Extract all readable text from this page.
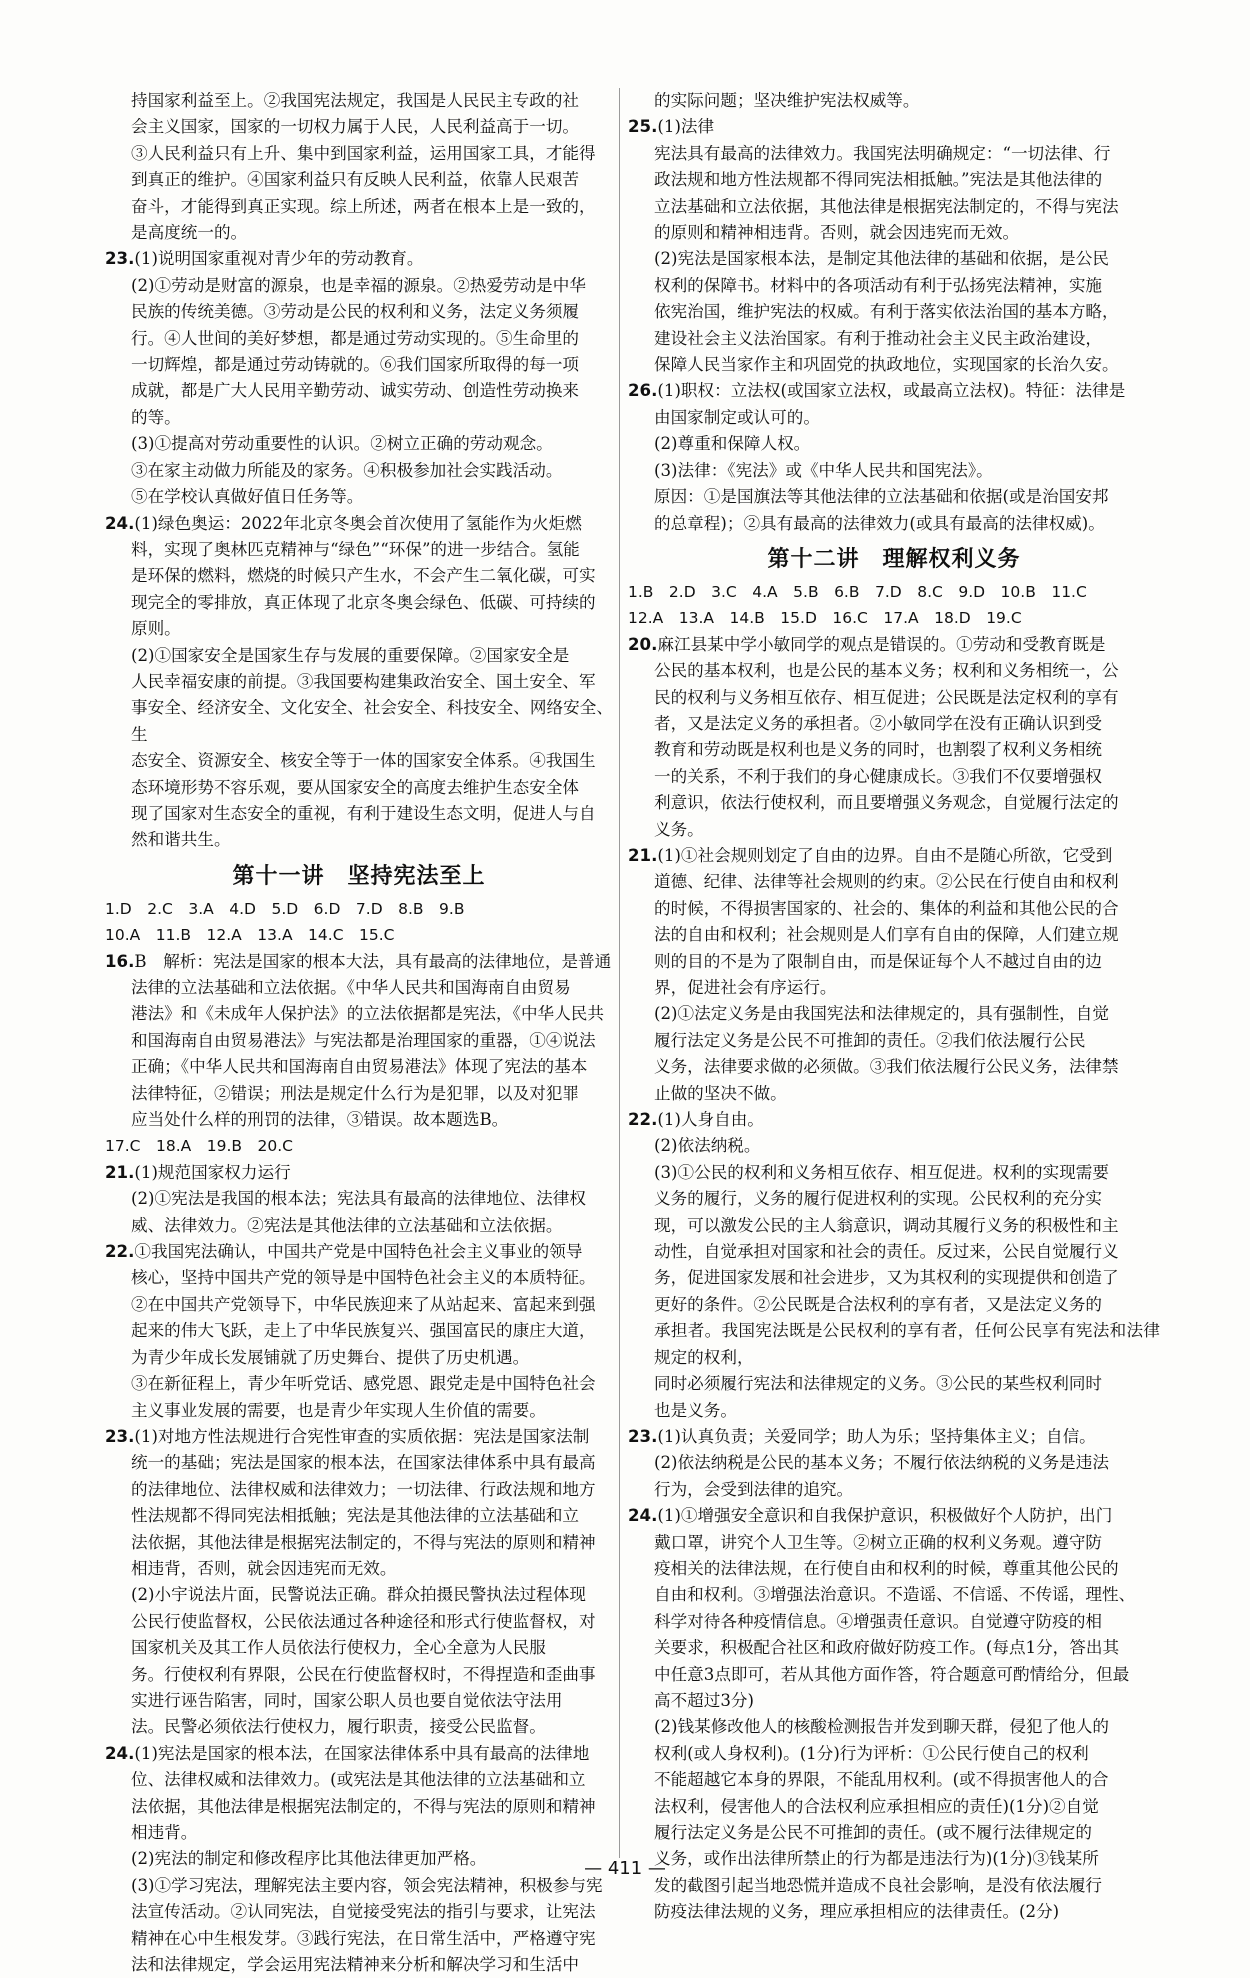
持国家利益至上。②我国宪法规定，我国是人民民主专政的社
会主义国家，国家的一切权力属于人民，人民利益高于一切。
③人民利益只有上升、集中到国家利益，运用国家工具，才能得
到真正的维护。④国家利益只有反映人民利益，依靠人民艰苦
奋斗，才能得到真正实现。综上所述，两者在根本上是一致的，
是高度统一的。
23.(1)说明国家重视对青少年的劳动教育。
(2)①劳动是财富的源泉，也是幸福的源泉。②热爱劳动是中华
民族的传统美德。③劳动是公民的权利和义务，法定义务须履
行。④人世间的美好梦想，都是通过劳动实现的。⑤生命里的
一切辉煌，都是通过劳动铸就的。⑥我们国家所取得的每一项
成就，都是广大人民用辛勤劳动、诚实劳动、创造性劳动换来
的等。
(3)①提高对劳动重要性的认识。②树立正确的劳动观念。
③在家主动做力所能及的家务。④积极参加社会实践活动。
⑤在学校认真做好值日任务等。
24.(1)绿色奥运：2022年北京冬奥会首次使用了氢能作为火炬燃
料，实现了奥林匹克精神与“绿色”“环保”的进一步结合。氢能
是环保的燃料，燃烧的时候只产生水，不会产生二氧化碳，可实
现完全的零排放，真正体现了北京冬奥会绿色、低碳、可持续的
原则。
(2)①国家安全是国家生存与发展的重要保障。②国家安全是
人民幸福安康的前提。③我国要构建集政治安全、国土安全、军
事安全、经济安全、文化安全、社会安全、科技安全、网络安全、生
态安全、资源安全、核安全等于一体的国家安全体系。④我国生
态环境形势不容乐观，要从国家安全的高度去维护生态安全体
现了国家对生态安全的重视，有利于建设生态文明，促进人与自
然和谐共生。
第十一讲　坚持宪法至上
1.D　2.C　3.A　4.D　5.D　6.D　7.D　8.B　9.B
10.A　11.B　12.A　13.A　14.C　15.C
16.B　解析：宪法是国家的根本大法，具有最高的法律地位，是普通
法律的立法基础和立法依据。《中华人民共和国海南自由贸易
港法》和《未成年人保护法》的立法依据都是宪法，《中华人民共
和国海南自由贸易港法》与宪法都是治理国家的重器，①④说法
正确；《中华人民共和国海南自由贸易港法》体现了宪法的基本
法律特征，②错误；刑法是规定什么行为是犯罪，以及对犯罪
应当处什么样的刑罚的法律，③错误。故本题选B。
17.C　18.A　19.B　20.C
21.(1)规范国家权力运行
(2)①宪法是我国的根本法；宪法具有最高的法律地位、法律权
威、法律效力。②宪法是其他法律的立法基础和立法依据。
22.①我国宪法确认，中国共产党是中国特色社会主义事业的领导
核心，坚持中国共产党的领导是中国特色社会主义的本质特征。
②在中国共产党领导下，中华民族迎来了从站起来、富起来到强
起来的伟大飞跃，走上了中华民族复兴、强国富民的康庄大道，
为青少年成长发展铺就了历史舞台、提供了历史机遇。
③在新征程上，青少年听党话、感党恩、跟党走是中国特色社会
主义事业发展的需要，也是青少年实现人生价值的需要。
23.(1)对地方性法规进行合宪性审查的实质依据：宪法是国家法制
统一的基础；宪法是国家的根本法，在国家法律体系中具有最高
的法律地位、法律权威和法律效力；一切法律、行政法规和地方
性法规都不得同宪法相抵触；宪法是其他法律的立法基础和立
法依据，其他法律是根据宪法制定的，不得与宪法的原则和精神
相违背，否则，就会因违宪而无效。
(2)小宇说法片面，民警说法正确。群众拍摄民警执法过程体现
公民行使监督权，公民依法通过各种途径和形式行使监督权，对
国家机关及其工作人员依法行使权力，全心全意为人民服
务。行使权利有界限，公民在行使监督权时，不得捏造和歪曲事
实进行诬告陷害，同时，国家公职人员也要自觉依法守法用
法。民警必须依法行使权力，履行职责，接受公民监督。
24.(1)宪法是国家的根本法，在国家法律体系中具有最高的法律地
位、法律权威和法律效力。(或宪法是其他法律的立法基础和立
法依据，其他法律是根据宪法制定的，不得与宪法的原则和精神
相违背。
(2)宪法的制定和修改程序比其他法律更加严格。
(3)①学习宪法，理解宪法主要内容，领会宪法精神，积极参与宪
法宣传活动。②认同宪法，自觉接受宪法的指引与要求，让宪法
精神在心中生根发芽。③践行宪法，在日常生活中，严格遵守宪
法和法律规定，学会运用宪法精神来分析和解决学习和生活中
的实际问题；坚决维护宪法权威等。
25.(1)法律
宪法具有最高的法律效力。我国宪法明确规定：“一切法律、行
政法规和地方性法规都不得同宪法相抵触。”宪法是其他法律的
立法基础和立法依据，其他法律是根据宪法制定的，不得与宪法
的原则和精神相违背。否则，就会因违宪而无效。
(2)宪法是国家根本法，是制定其他法律的基础和依据，是公民
权利的保障书。材料中的各项活动有利于弘扬宪法精神，实施
依宪治国，维护宪法的权威。有利于落实依法治国的基本方略，
建设社会主义法治国家。有利于推动社会主义民主政治建设，
保障人民当家作主和巩固党的执政地位，实现国家的长治久安。
26.(1)职权：立法权(或国家立法权，或最高立法权)。特征：法律是
由国家制定或认可的。
(2)尊重和保障人权。
(3)法律：《宪法》或《中华人民共和国宪法》。
原因：①是国旗法等其他法律的立法基础和依据(或是治国安邦
的总章程)；②具有最高的法律效力(或具有最高的法律权威)。
第十二讲　理解权利义务
1.B　2.D　3.C　4.A　5.B　6.B　7.D　8.C　9.D　10.B　11.C
12.A　13.A　14.B　15.D　16.C　17.A　18.D　19.C
20.麻江县某中学小敏同学的观点是错误的。①劳动和受教育既是
公民的基本权利，也是公民的基本义务；权利和义务相统一，公
民的权利与义务相互依存、相互促进；公民既是法定权利的享有
者，又是法定义务的承担者。②小敏同学在没有正确认识到受
教育和劳动既是权利也是义务的同时，也割裂了权利义务相统
一的关系，不利于我们的身心健康成长。③我们不仅要增强权
利意识，依法行使权利，而且要增强义务观念，自觉履行法定的
义务。
21.(1)①社会规则划定了自由的边界。自由不是随心所欲，它受到
道德、纪律、法律等社会规则的约束。②公民在行使自由和权利
的时候，不得损害国家的、社会的、集体的利益和其他公民的合
法的自由和权利；社会规则是人们享有自由的保障，人们建立规
则的目的不是为了限制自由，而是保证每个人不越过自由的边
界，促进社会有序运行。
(2)①法定义务是由我国宪法和法律规定的，具有强制性，自觉
履行法定义务是公民不可推卸的责任。②我们依法履行公民
义务，法律要求做的必须做。③我们依法履行公民义务，法律禁
止做的坚决不做。
22.(1)人身自由。
(2)依法纳税。
(3)①公民的权利和义务相互依存、相互促进。权利的实现需要
义务的履行，义务的履行促进权利的实现。公民权利的充分实
现，可以激发公民的主人翁意识，调动其履行义务的积极性和主
动性，自觉承担对国家和社会的责任。反过来，公民自觉履行义
务，促进国家发展和社会进步，又为其权利的实现提供和创造了
更好的条件。②公民既是合法权利的享有者，又是法定义务的
承担者。我国宪法既是公民权利的享有者，任何公民享有宪法和法律规定的权利，
同时必须履行宪法和法律规定的义务。③公民的某些权利同时
也是义务。
23.(1)认真负责；关爱同学；助人为乐；坚持集体主义；自信。
(2)依法纳税是公民的基本义务；不履行依法纳税的义务是违法
行为，会受到法律的追究。
24.(1)①增强安全意识和自我保护意识，积极做好个人防护，出门
戴口罩，讲究个人卫生等。②树立正确的权利义务观。遵守防
疫相关的法律法规，在行使自由和权利的时候，尊重其他公民的
自由和权利。③增强法治意识。不造谣、不信谣、不传谣，理性、
科学对待各种疫情信息。④增强责任意识。自觉遵守防疫的相
关要求，积极配合社区和政府做好防疫工作。(每点1分，答出其
中任意3点即可，若从其他方面作答，符合题意可酌情给分，但最
高不超过3分)
(2)钱某修改他人的核酸检测报告并发到聊天群，侵犯了他人的
权利(或人身权利)。(1分)行为评析：①公民行使自己的权利
不能超越它本身的界限，不能乱用权利。(或不得损害他人的合
法权利，侵害他人的合法权利应承担相应的责任)(1分)②自觉
履行法定义务是公民不可推卸的责任。(或不履行法律规定的
义务，或作出法律所禁止的行为都是违法行为)(1分)③钱某所
发的截图引起当地恐慌并造成不良社会影响，是没有依法履行
防疫法律法规的义务，理应承担相应的法律责任。(2分)
— 411 —
